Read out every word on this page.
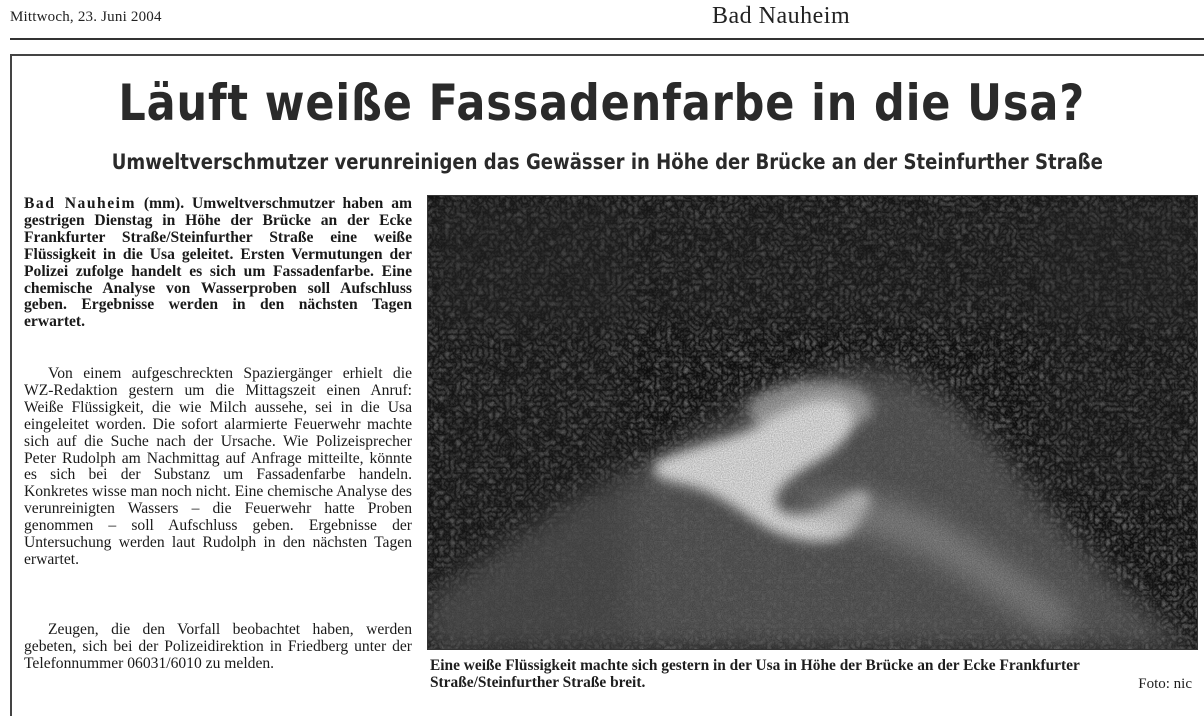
Mittwoch, 23. Juni 2004	Bad Nauheim
Läuft weiße Fassadenfarbe in die Usa?
Umweltverschmutzer verunreinigen das Gewässer in Höhe der Brücke an der Steinfurther Straße
Bad Nauheim (mm). Umweltverschmutzer haben am gestrigen Dienstag in Höhe der Brücke an der Ecke Frankfurter Straße/Steinfurther Straße eine weiße Flüssigkeit in die Usa geleitet. Ersten Vermutungen der Polizei zufolge handelt es sich um Fassadenfarbe. Eine chemische Analyse von Wasserproben soll Aufschluss geben. Ergebnisse werden in den nächsten Tagen erwartet.
Von einem aufgeschreckten Spaziergänger erhielt die WZ-Redaktion gestern um die Mittagszeit einen Anruf: Weiße Flüssigkeit, die wie Milch aussehe, sei in die Usa eingeleitet worden. Die sofort alarmierte Feuerwehr machte sich auf die Suche nach der Ursache. Wie Polizeisprecher Peter Rudolph am Nachmittag auf Anfrage mitteilte, könnte es sich bei der Substanz um Fassadenfarbe handeln. Konkretes wisse man noch nicht. Eine chemische Analyse des verunreinigten Wassers – die Feuerwehr hatte Proben genommen – soll Aufschluss geben. Ergebnisse der Untersuchung werden laut Rudolph in den nächsten Tagen erwartet.
Zeugen, die den Vorfall beobachtet haben, werden gebeten, sich bei der Polizeidirektion in Friedberg unter der Telefonnummer 06031/6010 zu melden.	Eine weiße Flüssigkeit machte sich gestern in der Usa in Höhe der Brücke an der Ecke Frankfurter Straße/Steinfurther Straße breit.	Foto: nic
